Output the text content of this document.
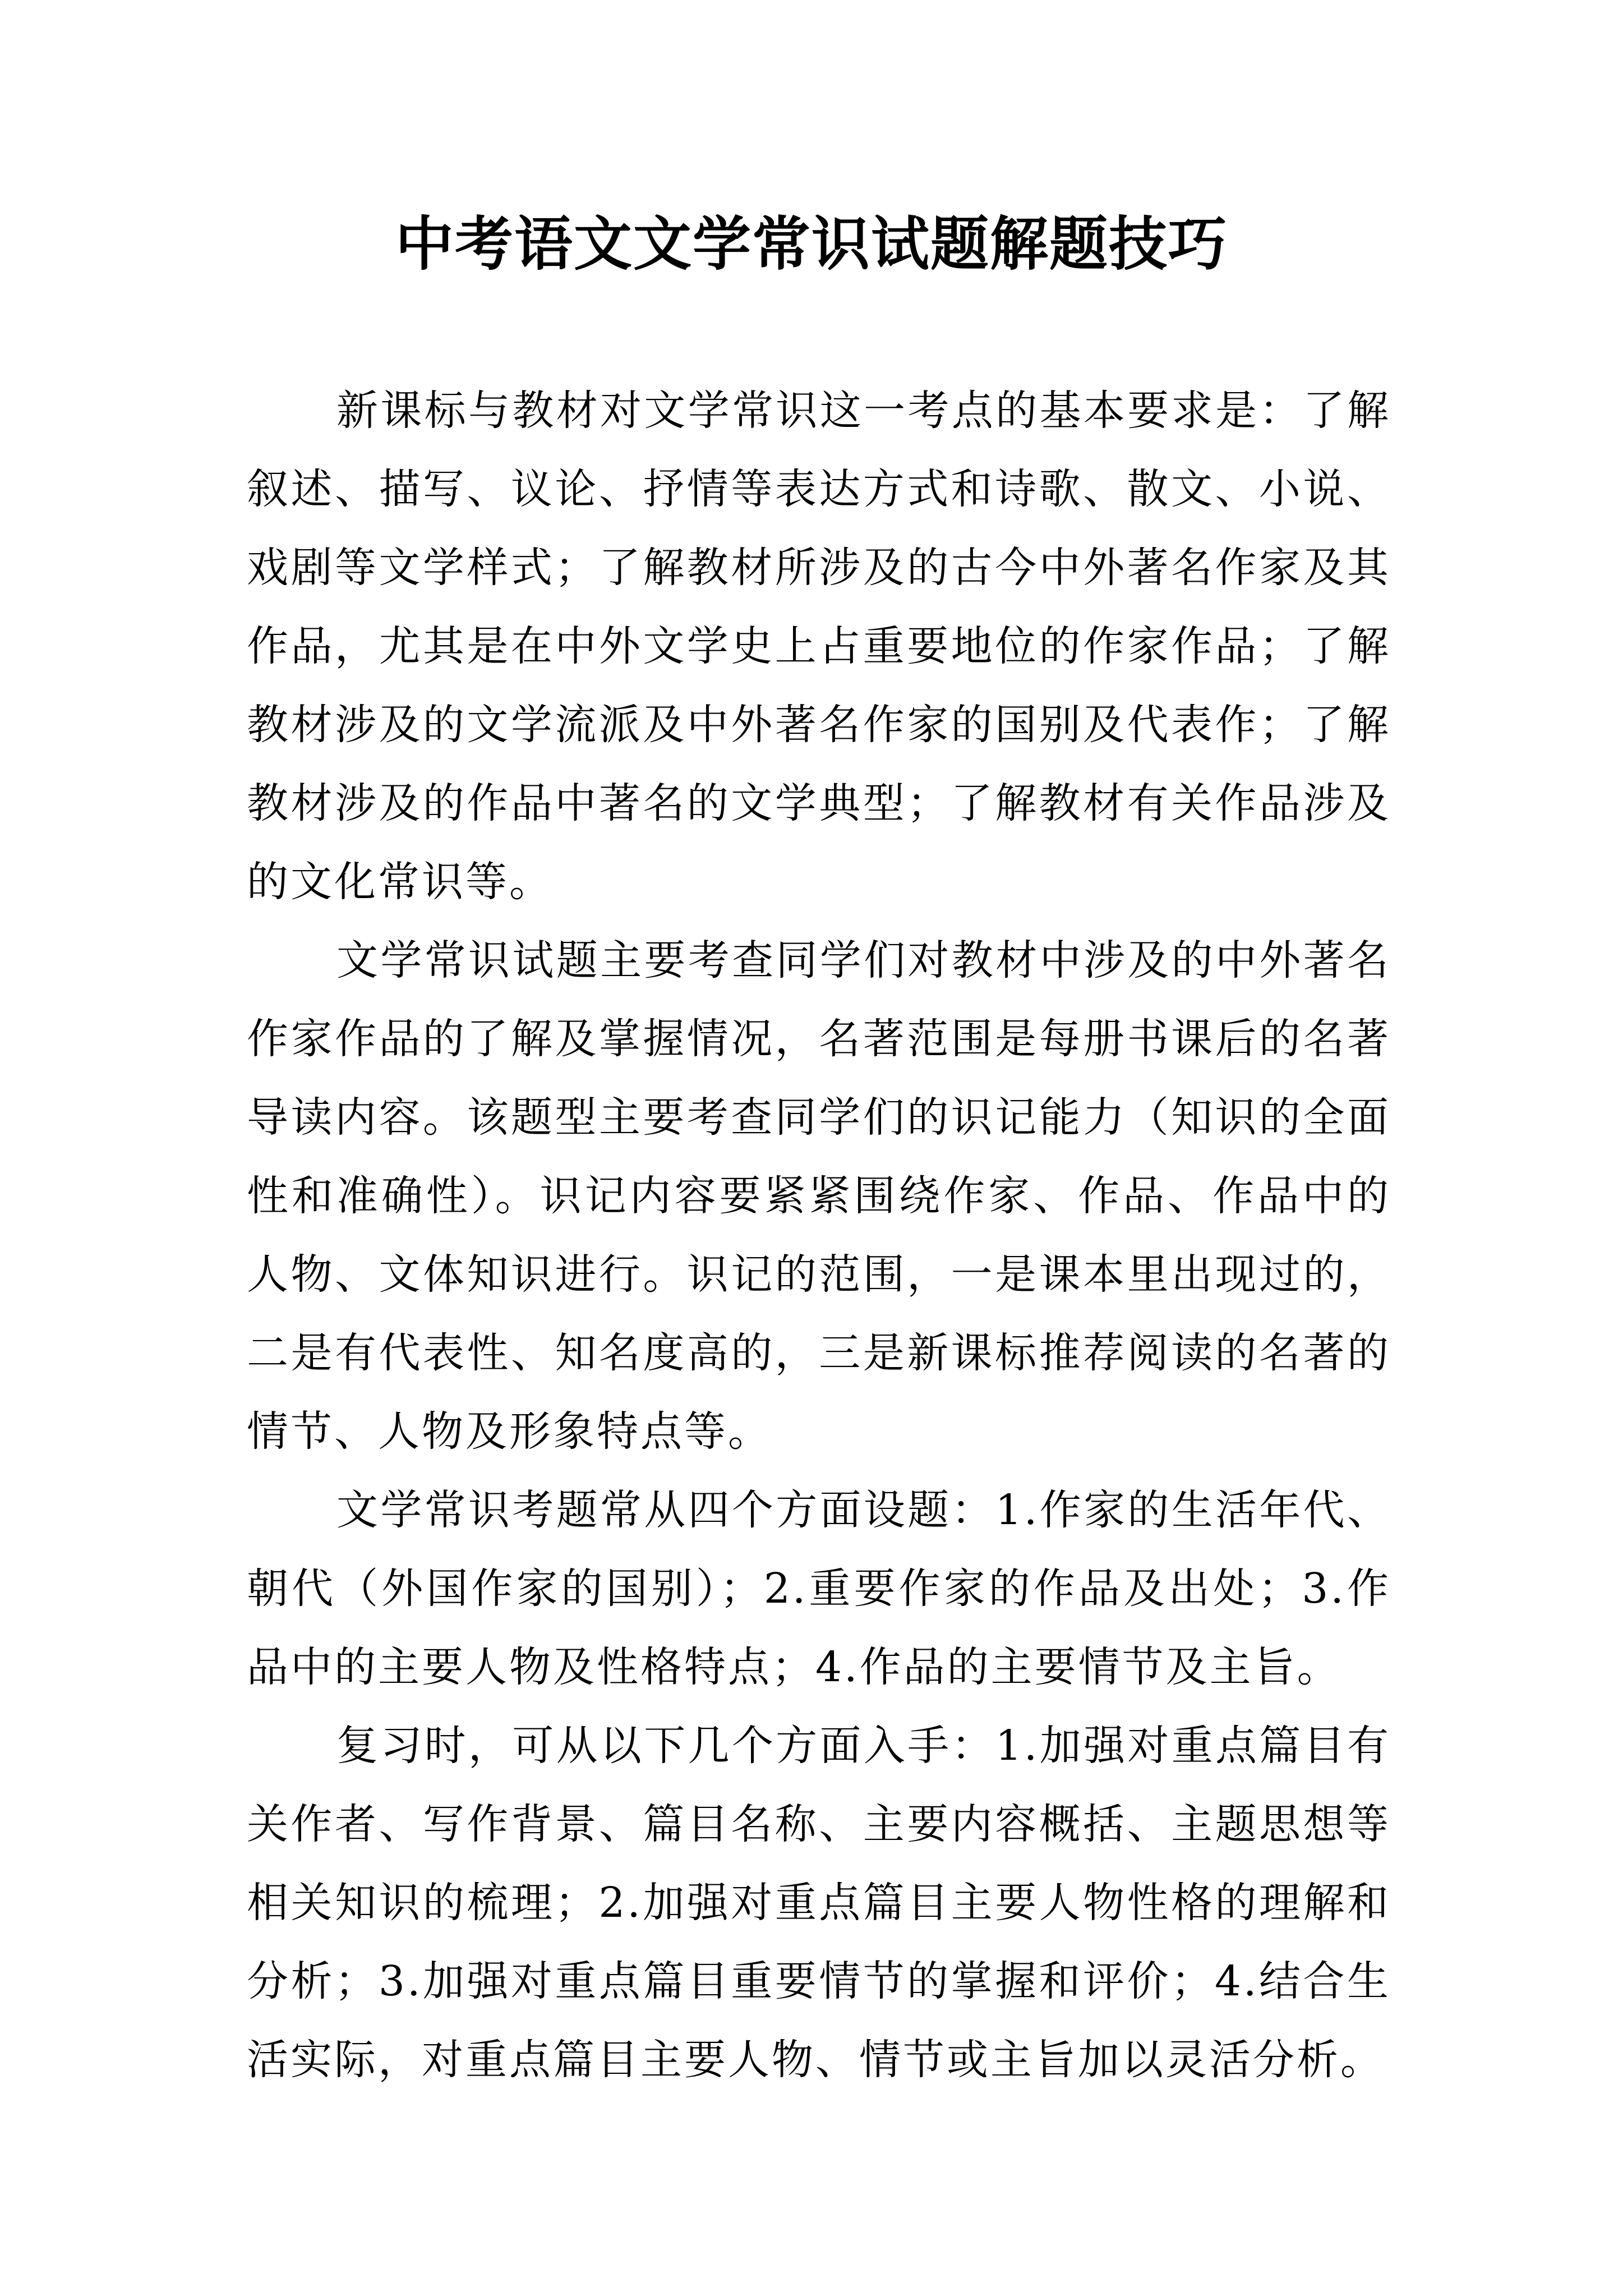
中考语文文学常识试题解题技巧

新课标与教材对文学常识这一考点的基本要求是：了解叙述、描写、议论、抒情等表达方式和诗歌、散文、小说、戏剧等文学样式；了解教材所涉及的古今中外著名作家及其作品，尤其是在中外文学史上占重要地位的作家作品；了解教材涉及的文学流派及中外著名作家的国别及代表作；了解教材涉及的作品中著名的文学典型；了解教材有关作品涉及的文化常识等。

文学常识试题主要考查同学们对教材中涉及的中外著名作家作品的了解及掌握情况，名著范围是每册书课后的名著导读内容。该题型主要考查同学们的识记能力（知识的全面性和准确性）。识记内容要紧紧围绕作家、作品、作品中的人物、文体知识进行。识记的范围，一是课本里出现过的，二是有代表性、知名度高的，三是新课标推荐阅读的名著的情节、人物及形象特点等。

文学常识考题常从四个方面设题：1.作家的生活年代、朝代（外国作家的国别）；2.重要作家的作品及出处；3.作品中的主要人物及性格特点；4.作品的主要情节及主旨。

复习时，可从以下几个方面入手：1.加强对重点篇目有关作者、写作背景、篇目名称、主要内容概括、主题思想等相关知识的梳理；2.加强对重点篇目主要人物性格的理解和分析；3.加强对重点篇目重要情节的掌握和评价；4.结合生活实际，对重点篇目主要人物、情节或主旨加以灵活分析。
